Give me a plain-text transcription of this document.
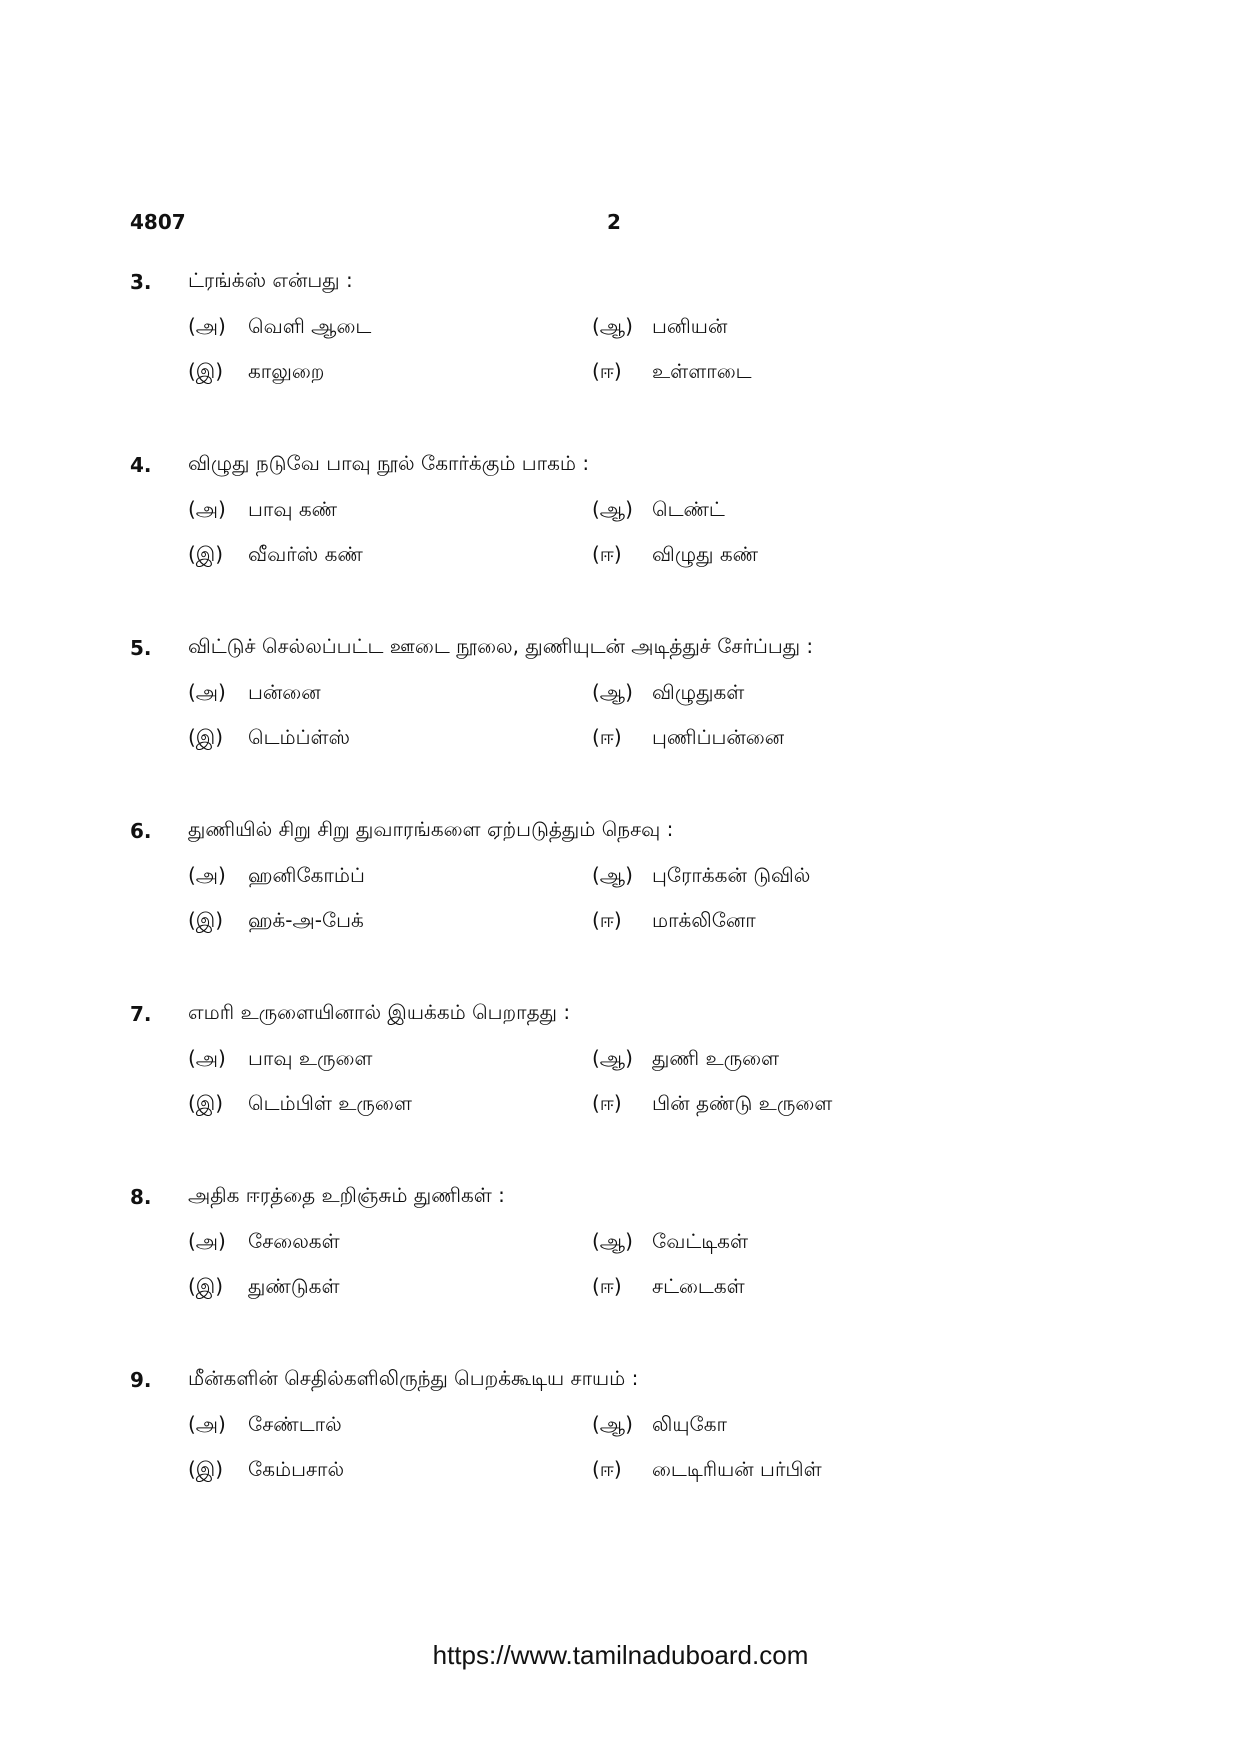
4807	2
3. ட்ரங்க்ஸ் என்பது :
(அ) வெளி ஆடை	(ஆ) பனியன்
(இ) காலுறை	(ஈ) உள்ளாடை
4. விழுது நடுவே பாவு நூல் கோர்க்கும் பாகம் :
(அ) பாவு கண்	(ஆ) டெண்ட்
(இ) வீவர்ஸ் கண்	(ஈ) விழுது கண்
5. விட்டுச் செல்லப்பட்ட ஊடை நூலை, துணியுடன் அடித்துச் சேர்ப்பது :
(அ) பன்னை	(ஆ) விழுதுகள்
(இ) டெம்ப்ள்ஸ்	(ஈ) புணிப்பன்னை
6. துணியில் சிறு சிறு துவாரங்களை ஏற்படுத்தும் நெசவு :
(அ) ஹனிகோம்ப்	(ஆ) புரோக்கன் டுவில்
(இ) ஹக்-அ-பேக்	(ஈ) மாக்லினோ
7. எமரி உருளையினால் இயக்கம் பெறாதது :
(அ) பாவு உருளை	(ஆ) துணி உருளை
(இ) டெம்பிள் உருளை	(ஈ) பின் தண்டு உருளை
8. அதிக ஈரத்தை உறிஞ்சும் துணிகள் :
(அ) சேலைகள்	(ஆ) வேட்டிகள்
(இ) துண்டுகள்	(ஈ) சட்டைகள்
9. மீன்களின் செதில்களிலிருந்து பெறக்கூடிய சாயம் :
(அ) சேண்டால்	(ஆ) லியுகோ
(இ) கேம்பசால்	(ஈ) டைடிரியன் பர்பிள்
https://www.tamilnaduboard.com
